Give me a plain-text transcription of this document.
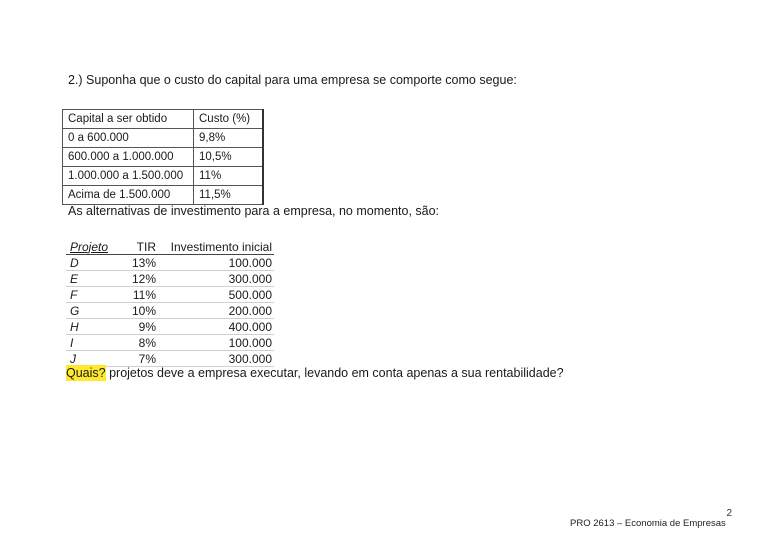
2.) Suponha que o custo do capital para uma empresa se comporte como segue:
Capital a ser obtido	Custo (%)
0 a 600.000	9,8%
600.000 a 1.000.000	10,5%
1.000.000 a 1.500.000	11%
Acima de 1.500.000	11,5%
As alternativas de investimento para a empresa, no momento, são:
Projeto	TIR	Investimento inicial
D	13%	100.000
E	12%	300.000
F	11%	500.000
G	10%	200.000
H	9%	400.000
I	8%	100.000
J	7%	300.000
Quais? projetos deve a empresa executar, levando em conta apenas a sua rentabilidade?
2
PRO 2613 – Economia de Empresas
